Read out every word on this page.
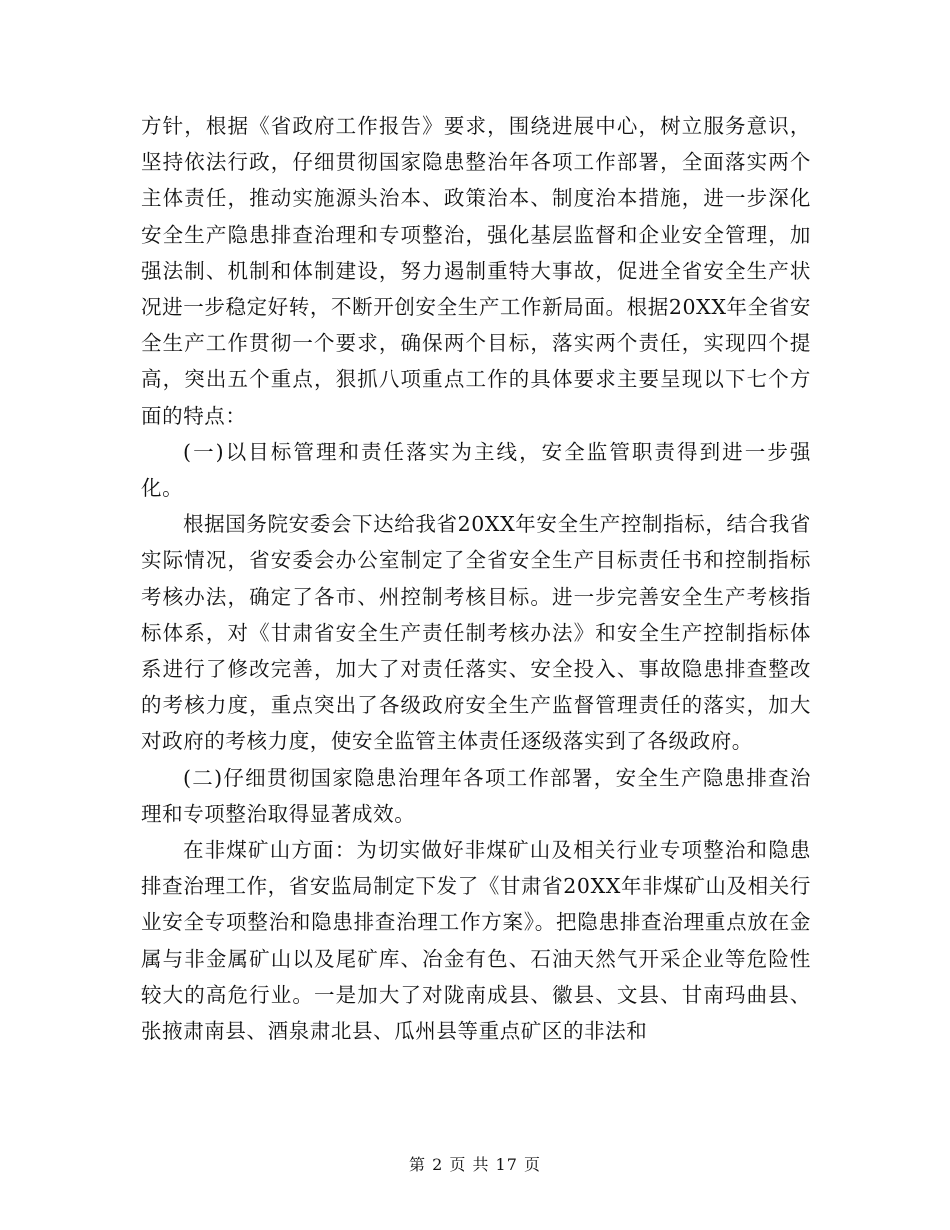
方针，根据《省政府工作报告》要求，围绕进展中心，树立服务意识，坚持依法行政，仔细贯彻国家隐患整治年各项工作部署，全面落实两个主体责任，推动实施源头治本、政策治本、制度治本措施，进一步深化安全生产隐患排查治理和专项整治，强化基层监督和企业安全管理，加强法制、机制和体制建设，努力遏制重特大事故，促进全省安全生产状况进一步稳定好转，不断开创安全生产工作新局面。根据20XX年全省安全生产工作贯彻一个要求，确保两个目标，落实两个责任，实现四个提高，突出五个重点，狠抓八项重点工作的具体要求主要呈现以下七个方面的特点：

(一)以目标管理和责任落实为主线，安全监管职责得到进一步强化。

根据国务院安委会下达给我省20XX年安全生产控制指标，结合我省实际情况，省安委会办公室制定了全省安全生产目标责任书和控制指标考核办法，确定了各市、州控制考核目标。进一步完善安全生产考核指标体系，对《甘肃省安全生产责任制考核办法》和安全生产控制指标体系进行了修改完善，加大了对责任落实、安全投入、事故隐患排查整改的考核力度，重点突出了各级政府安全生产监督管理责任的落实，加大对政府的考核力度，使安全监管主体责任逐级落实到了各级政府。

(二)仔细贯彻国家隐患治理年各项工作部署，安全生产隐患排查治理和专项整治取得显著成效。

在非煤矿山方面：为切实做好非煤矿山及相关行业专项整治和隐患排查治理工作，省安监局制定下发了《甘肃省20XX年非煤矿山及相关行业安全专项整治和隐患排查治理工作方案》。把隐患排查治理重点放在金属与非金属矿山以及尾矿库、冶金有色、石油天然气开采企业等危险性较大的高危行业。一是加大了对陇南成县、徽县、文县、甘南玛曲县、张掖肃南县、酒泉肃北县、瓜州县等重点矿区的非法和

第 2 页 共 17 页
